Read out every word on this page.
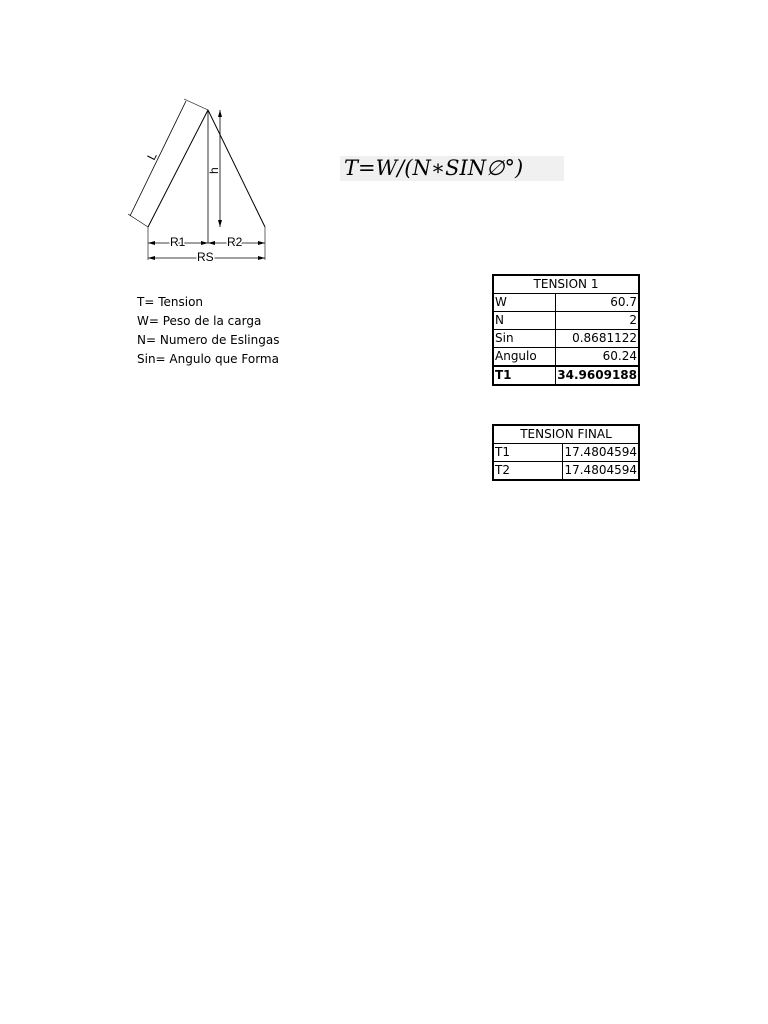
L
h
R1	R2
RS
T=W/(N∗SIN∅°)
T= Tension
W= Peso de la carga
N= Numero de Eslingas
Sin= Angulo que Forma
TENSION 1	
W	60.7
N	2
Sin	0.8681122
Angulo	60.24
T1	34.9609188
TENSION FINAL	
T1	17.4804594
T2	17.4804594
